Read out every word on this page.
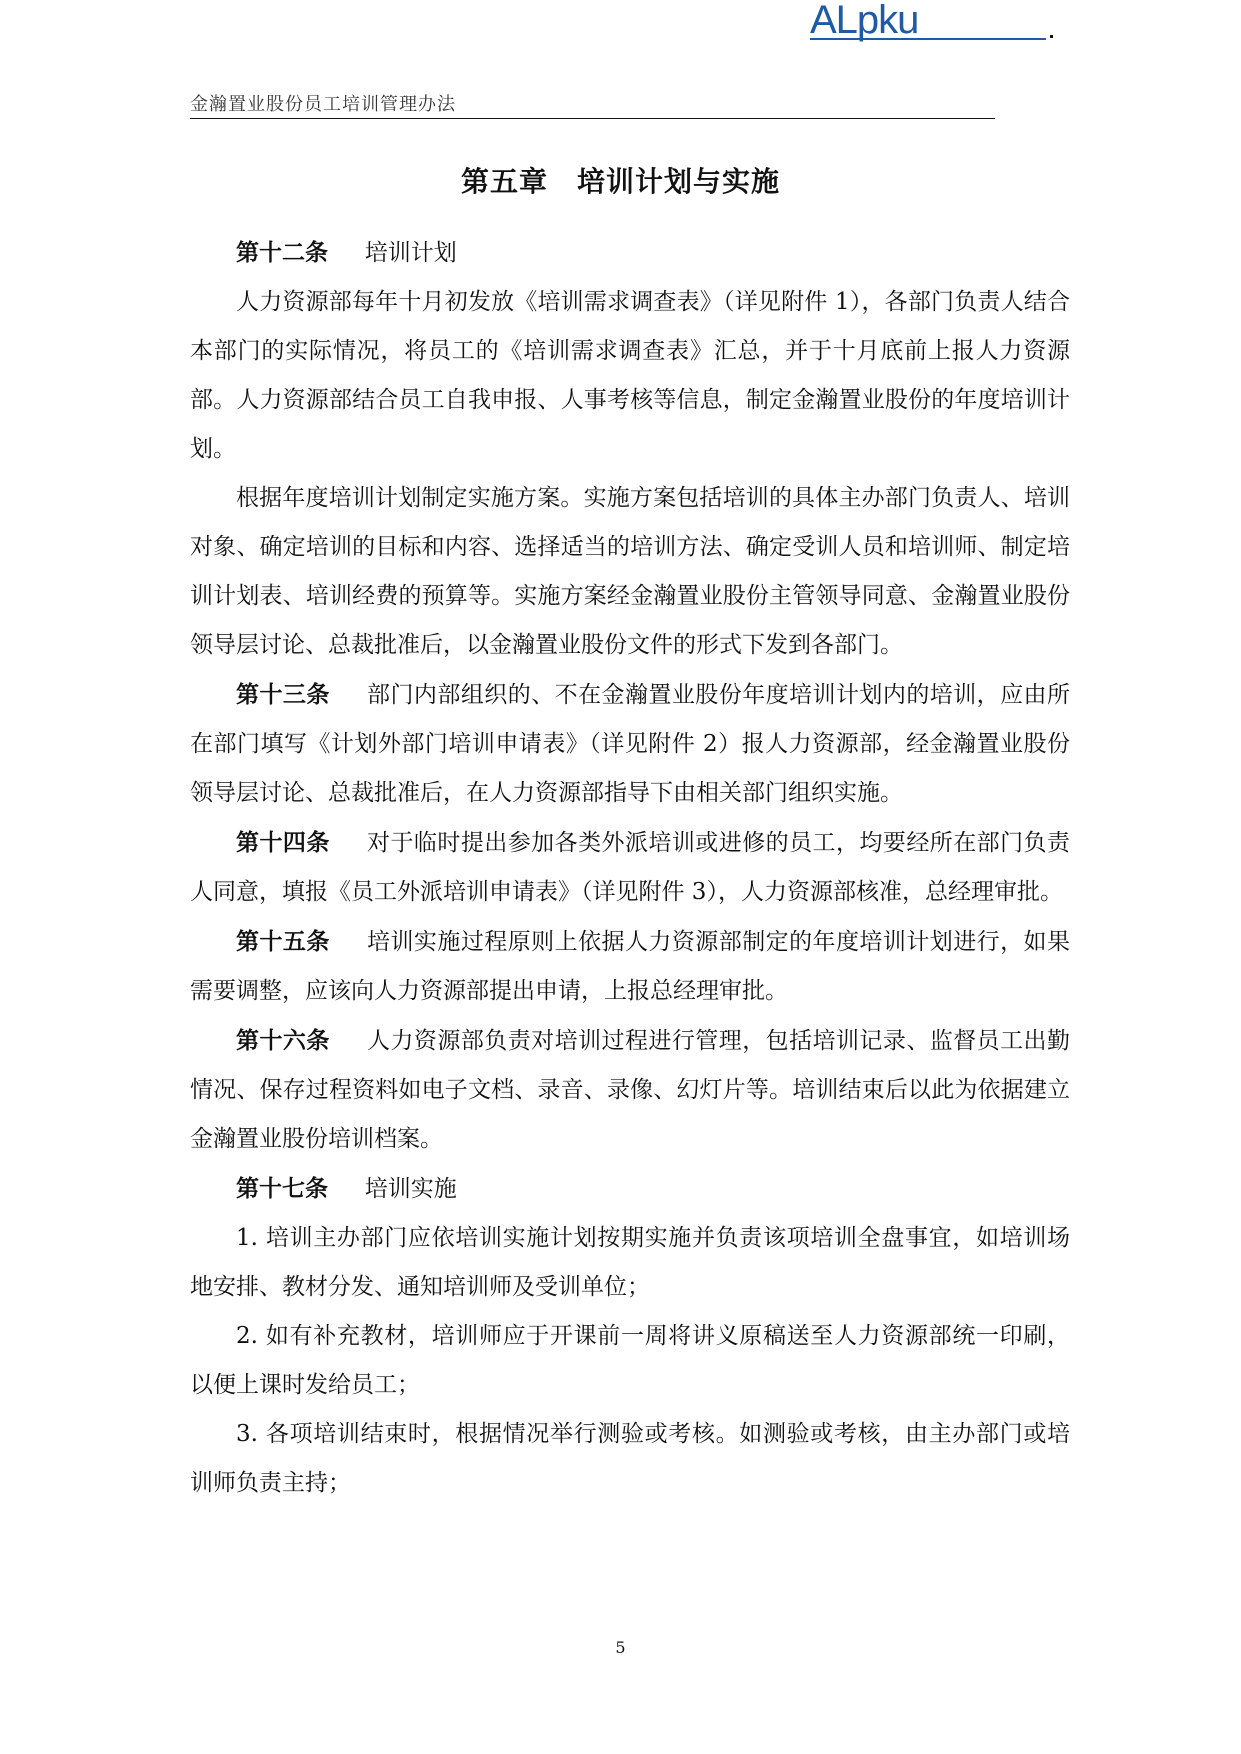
金瀚置业股份员工培训管理办法
ALpku
第五章　培训计划与实施

第十二条 培训计划

人力资源部每年十月初发放《培训需求调查表》（详见附件 1），各部门负责人结合本部门的实际情况，将员工的《培训需求调查表》汇总，并于十月底前上报人力资源部。人力资源部结合员工自我申报、人事考核等信息，制定金瀚置业股份的年度培训计划。

根据年度培训计划制定实施方案。实施方案包括培训的具体主办部门负责人、培训对象、确定培训的目标和内容、选择适当的培训方法、确定受训人员和培训师、制定培训计划表、培训经费的预算等。实施方案经金瀚置业股份主管领导同意、金瀚置业股份领导层讨论、总裁批准后，以金瀚置业股份文件的形式下发到各部门。

第十三条 部门内部组织的、不在金瀚置业股份年度培训计划内的培训，应由所在部门填写《计划外部门培训申请表》（详见附件 2）报人力资源部，经金瀚置业股份领导层讨论、总裁批准后，在人力资源部指导下由相关部门组织实施。

第十四条 对于临时提出参加各类外派培训或进修的员工，均要经所在部门负责人同意，填报《员工外派培训申请表》（详见附件 3），人力资源部核准，总经理审批。

第十五条 培训实施过程原则上依据人力资源部制定的年度培训计划进行，如果需要调整，应该向人力资源部提出申请，上报总经理审批。

第十六条 人力资源部负责对培训过程进行管理，包括培训记录、监督员工出勤情况、保存过程资料如电子文档、录音、录像、幻灯片等。培训结束后以此为依据建立金瀚置业股份培训档案。

第十七条 培训实施

1. 培训主办部门应依培训实施计划按期实施并负责该项培训全盘事宜，如培训场地安排、教材分发、通知培训师及受训单位；

2. 如有补充教材，培训师应于开课前一周将讲义原稿送至人力资源部统一印刷，以便上课时发给员工；

3. 各项培训结束时，根据情况举行测验或考核。如测验或考核，由主办部门或培训师负责主持；

5
